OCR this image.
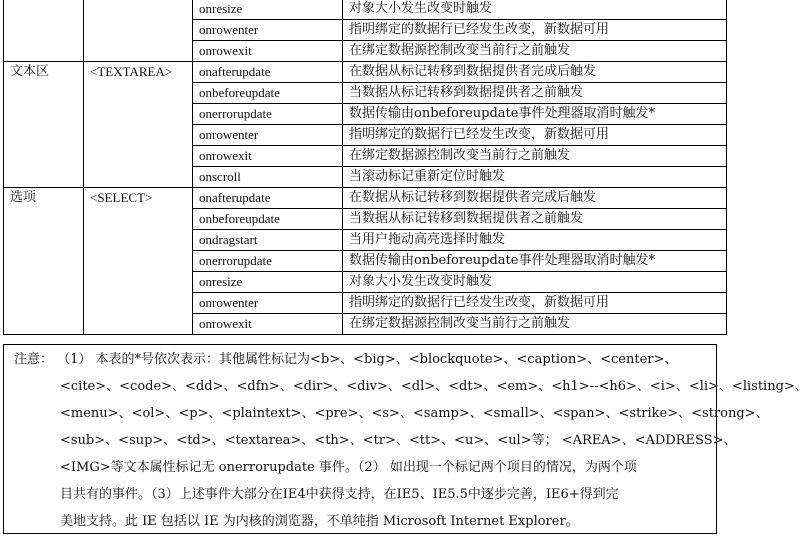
		onresize	对象大小发生改变时触发
		onrowenter	指明绑定的数据行已经发生改变，新数据可用
		onrowexit	在绑定数据源控制改变当前行之前触发
文本区	<TEXTAREA>	onafterupdate	在数据从标记转移到数据提供者完成后触发
		onbeforeupdate	当数据从标记转移到数据提供者之前触发
		onerrorupdate	数据传输由onbeforeupdate事件处理器取消时触发*
		onrowenter	指明绑定的数据行已经发生改变，新数据可用
		onrowexit	在绑定数据源控制改变当前行之前触发
		onscroll	当滚动标记重新定位时触发
选项	<SELECT>	onafterupdate	在数据从标记转移到数据提供者完成后触发
		onbeforeupdate	当数据从标记转移到数据提供者之前触发
		ondragstart	当用户拖动高亮选择时触发
		onerrorupdate	数据传输由onbeforeupdate事件处理器取消时触发*
		onresize	对象大小发生改变时触发
		onrowenter	指明绑定的数据行已经发生改变，新数据可用
		onrowexit	在绑定数据源控制改变当前行之前触发
注意： （1） 本表的*号依次表示：其他属性标记为<b>、<big>、<blockquote>、<caption>、<center>、
<cite>、<code>、<dd>、<dfn>、<dir>、<div>、<dl>、<dt>、<em>、<h1>--<h6>、<i>、<li>、<listing>、
<menu>、<ol>、<p>、<plaintext>、<pre>、<s>、<samp>、<small>、<span>、<strike>、<strong>、
<sub>、<sup>、<td>、<textarea>、<th>、<tr>、<tt>、<u>、<ul>等； <AREA>、<ADDRESS>、
<IMG>等文本属性标记无 onerrorupdate 事件。（2） 如出现一个标记两个项目的情况，为两个项
目共有的事件。（3）上述事件大部分在IE4中获得支持，在IE5、IE5.5中逐步完善，IE6+得到完
美地支持。此 IE 包括以 IE 为内核的浏览器，不单纯指 Microsoft Internet Explorer。
